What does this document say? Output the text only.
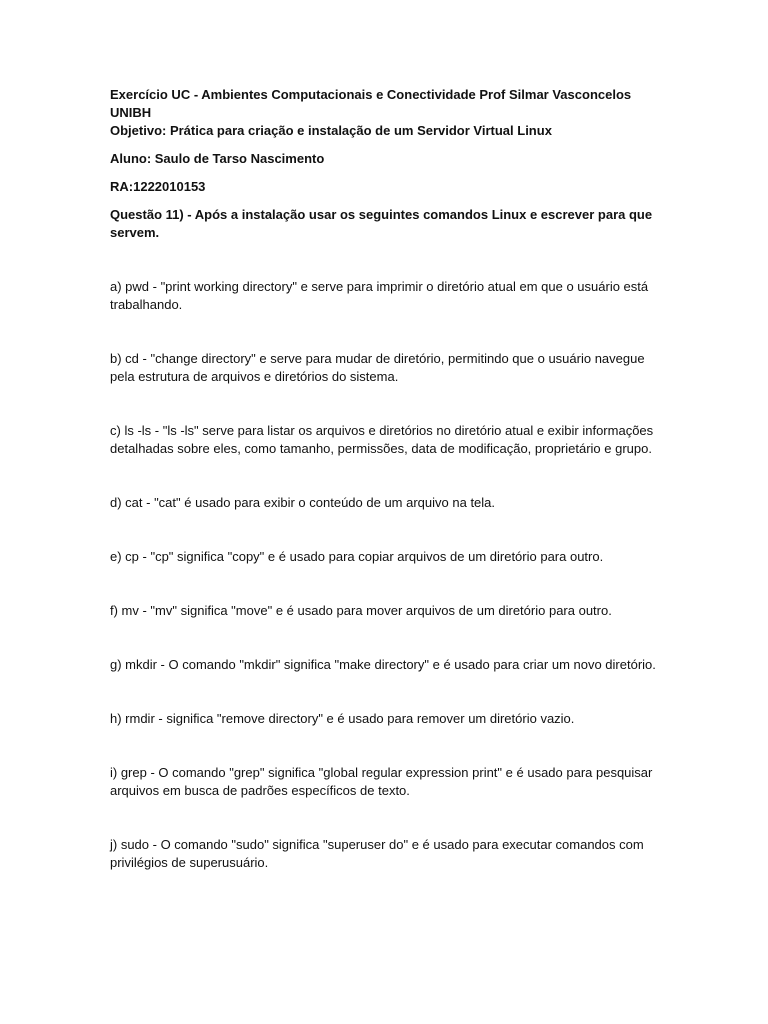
Exercício UC - Ambientes Computacionais e Conectividade Prof Silmar Vasconcelos UNIBH

Objetivo: Prática para criação e instalação de um Servidor Virtual Linux

Aluno: Saulo de Tarso Nascimento

RA:1222010153

Questão 11) - Após a instalação usar os seguintes comandos Linux e escrever para que servem.

a) pwd - "print working directory" e serve para imprimir o diretório atual em que o usuário está trabalhando.

b) cd - "change directory" e serve para mudar de diretório, permitindo que o usuário navegue pela estrutura de arquivos e diretórios do sistema.

c) ls -ls - "ls -ls" serve para listar os arquivos e diretórios no diretório atual e exibir informações detalhadas sobre eles, como tamanho, permissões, data de modificação, proprietário e grupo.

d) cat - "cat" é usado para exibir o conteúdo de um arquivo na tela.

e) cp - "cp" significa "copy" e é usado para copiar arquivos de um diretório para outro.

f) mv - "mv" significa "move" e é usado para mover arquivos de um diretório para outro.

g) mkdir - O comando "mkdir" significa "make directory" e é usado para criar um novo diretório.

h) rmdir - significa "remove directory" e é usado para remover um diretório vazio.

i) grep - O comando "grep" significa "global regular expression print" e é usado para pesquisar arquivos em busca de padrões específicos de texto.

j) sudo - O comando "sudo" significa "superuser do" e é usado para executar comandos com privilégios de superusuário.
